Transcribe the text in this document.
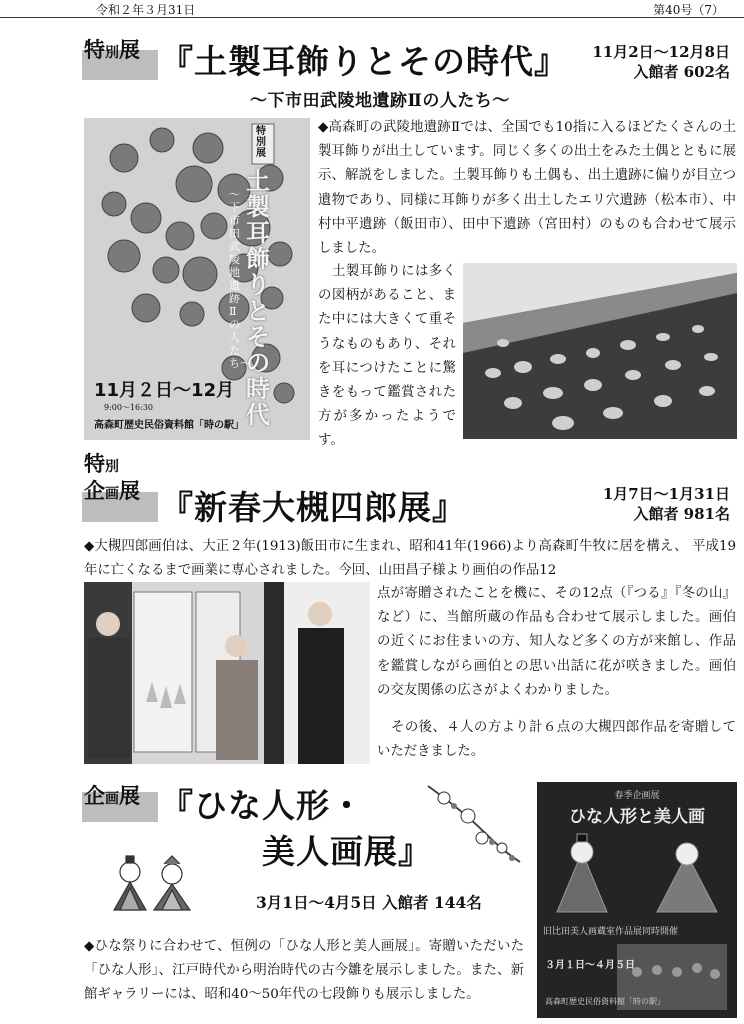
令和２年３月31日	第40号（7）
特別展 『土製耳飾りとその時代』
〜下市田武陵地遺跡Ⅱの人たち〜
11月2日〜12月8日
入館者 602名
特別展
土製耳飾りとその時代
〜下市田武陵地遺跡Ⅱの人たち〜
11月２日〜12月
9:00〜16:30
高森町歴史民俗資料館「時の駅」
◆高森町の武陵地遺跡Ⅱでは、全国でも10指に入るほどたくさんの土製耳飾りが出土しています。同じく多くの出土をみた土偶とともに展示、解説をしました。土製耳飾りも土偶も、出土遺跡に偏りが目立つ遺物であり、同様に耳飾りが多く出土したエリ穴遺跡（松本市）、中村中平遺跡（飯田市）、田中下遺跡（宮田村）のものも合わせて展示しました。
土製耳飾りには多くの図柄があること、また中には大きくて重そうなものもあり、それを耳につけたことに驚きをもって鑑賞された方が多かったようです。
特別
企画展 『新春大槻四郎展』	1月7日〜1月31日
入館者 981名
◆大槻四郎画伯は、大正２年(1913)飯田市に生まれ、昭和41年(1966)より高森町牛牧に居を構え、 平成19年に亡くなるまで画業に専心されました。今回、山田昌子様より画伯の作品12
点が寄贈されたことを機に、その12点（『つる』『冬の山』など）に、当館所蔵の作品も合わせて展示しました。画伯の近くにお住まいの方、知人など多くの方が来館し、作品を鑑賞しながら画伯との思い出話に花が咲きました。画伯の交友関係の広さがよくわかりました。
その後、４人の方より計６点の大槻四郎作品を寄贈していただきました。
企画展 『ひな人形・
美人画展』
3月1日〜4月5日 入館者 144名
◆ひな祭りに合わせて、恒例の「ひな人形と美人画展」。寄贈いただいた「ひな人形」、江戸時代から明治時代の古今雛を展示しました。また、新館ギャラリーには、昭和40〜50年代の七段飾りも展示しました。
春季企画展
ひな人形と美人画
旧比田美人画蔵室作品展同時開催
３月１日〜４月５日
高森町歴史民俗資料館「時の駅」
